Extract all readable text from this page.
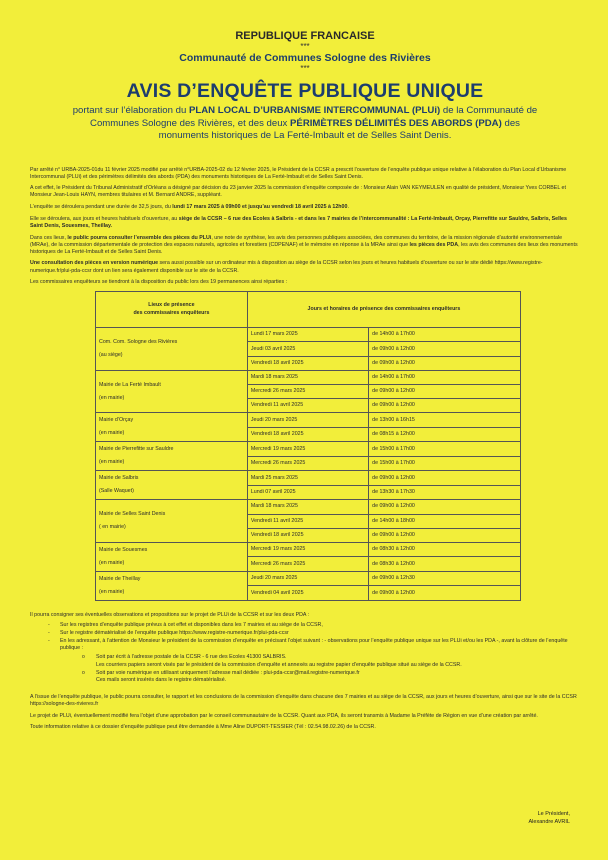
REPUBLIQUE FRANCAISE
***
Communauté de Communes Sologne des Rivières
***
AVIS D’ENQUÊTE PUBLIQUE UNIQUE
portant sur l’élaboration du PLAN LOCAL D’URBANISME INTERCOMMUNAL (PLUi) de la Communauté de Communes Sologne des Rivières, et des deux PÉRIMÈTRES DÉLIMITÉS DES ABORDS (PDA) des monuments historiques de La Ferté-Imbault et de Selles Saint Denis.

Par arrêté n° URBA-2025-01du 11 février 2025 modifié par arrêté n°URBA-2025-02 du 12 février 2025, le Président de la CCSR a prescrit l’ouverture de l’enquête publique unique relative à l’élaboration du Plan Local d’Urbanisme Intercommunal (PLUi) et des périmètres délimités des abords (PDA) des monuments historiques de La Ferté-Imbault et de Selles Saint Denis.

A cet effet, le Président du Tribunal Administratif d’Orléans a désigné par décision du 23 janvier 2025 la commission d’enquête composée de : Monsieur Alain VAN KEYMEULEN en qualité de président, Monsieur Yves CORBEL et Monsieur Jean-Louis HAYN, membres titulaires et M. Bernard ANDRE, suppléant.

L’enquête se déroulera pendant une durée de 32,5 jours, du lundi 17 mars 2025 à 09h00 et jusqu’au vendredi 18 avril 2025 à 12h00.

Elle se déroulera, aux jours et heures habituels d’ouverture, au siège de la CCSR – 6 rue des Ecoles à Salbris - et dans les 7 mairies de l’intercommunalité : La Ferté-Imbault, Orçay, Pierrefitte sur Sauldre, Salbris, Selles Saint Denis, Souesmes, Theillay.

Dans ces lieux, le public pourra consulter l’ensemble des pièces du PLUi, une note de synthèse, les avis des personnes publiques associées, des communes du territoire, de la mission régionale d’autorité environnementale (MRAe), de la commission départementale de protection des espaces naturels, agricoles et forestiers (CDPENAF) et le mémoire en réponse à la MRAe ainsi que les pièces des PDA, les avis des communes des lieux des monuments historiques de La Ferté-Imbault et de Selles Saint Denis.

Une consultation des pièces en version numérique sera aussi possible sur un ordinateur mis à disposition au siège de la CCSR selon les jours et heures habituels d’ouverture ou sur le site dédié https://www.registre-numerique.fr/plui-pda-ccsr dont un lien sera également disponible sur le site de la CCSR.

Les commissaires enquêteurs se tiendront à la disposition du public lors des 19 permanences ainsi réparties :

Lieux de présence
des commissaires enquêteurs	Jours et horaires de présence des commissaires enquêteurs	

Com. Com. Sologne des Rivières
(au siège)	Lundi 17 mars 2025	de 14h00 à 17h00
	Jeudi 03 avril 2025	de 09h00 à 12h00
	Vendredi 18 avril 2025	de 09h00 à 12h00

Mairie de La Ferté Imbault
(en mairie)	Mardi 18 mars 2025	de 14h00 à 17h00
	Mercredi 26 mars 2025	de 09h00 à 12h00
	Vendredi 11 avril 2025	de 09h00 à 12h00

Mairie d’Orçay
(en mairie)	Jeudi 20 mars 2025	de 13h00 à 16h15
	Vendredi 18 avril 2025	de 08h15 à 12h00

Mairie de Pierrefitte sur Sauldre
(en mairie)	Mercredi 19 mars 2025	de 15h00 à 17h00
	Mercredi 26 mars 2025	de 15h00 à 17h00

Mairie de Salbris
(Salle Waquet)	Mardi 25 mars 2025	de 09h00 à 12h00
	Lundi 07 avril 2025	de 13h30 à 17h30

Mairie de Selles Saint Denis
( en mairie)	Mardi 18 mars 2025	de 09h00 à 12h00
	Vendredi 11 avril 2025	de 14h00 à 18h00
	Vendredi 18 avril 2025	de 09h00 à 12h00

Mairie de Souesmes
(en mairie)	Mercredi 19 mars 2025	de 08h30 à 12h00
	Mercredi 26 mars 2025	de 08h30 à 12h00

Mairie de Theillay
(en mairie)	Jeudi 20 mars 2025	de 09h00 à 12h30
	Vendredi 04 avril 2025	de 09h00 à 12h00

Il pourra consigner ses éventuelles observations et propositions sur le projet de PLUi de la CCSR et sur les deux PDA :

- Sur les registres d’enquête publique prévus à cet effet et disponibles dans les 7 mairies et au siège de la CCSR,
- Sur le registre dématérialisé de l’enquête publique https://www.registre-numerique.fr/plui-pda-ccsr
- En les adressant, à l’attention de Monsieur le président de la commission d’enquête en précisant l’objet suivant : - observations pour l’enquête publique unique sur les PLUi et/ou les PDA -, avant la clôture de l’enquête publique :
o Soit par écrit à l’adresse postale de la CCSR - 6 rue des Ecoles 41300 SALBRIS.
Les courriers papiers seront visés par le président de la commission d’enquête et annexés au registre papier d’enquête publique situé au siège de la CCSR.
o Soit par voie numérique en utilisant uniquement l’adresse mail dédiée : plui-pda-ccsr@mail.registre-numerique.fr
Ces mails seront insérés dans le registre dématérialisé.

A l’issue de l’enquête publique, le public pourra consulter, le rapport et les conclusions de la commission d’enquête dans chacune des 7 mairies et au siège de la CCSR, aux jours et heures d’ouverture, ainsi que sur le site de la CCSR https://sologne-des-rivieres.fr

Le projet de PLUi, éventuellement modifié fera l’objet d’une approbation par le conseil communautaire de la CCSR. Quant aux PDA, ils seront transmis à Madame la Préfète de Région en vue d’une création par arrêté.

Toute information relative à ce dossier d’enquête publique peut être demandée à Mme Aline DUPORT-TESSIER (Tél : 02.54.98.02.26) de la CCSR.

Le Président,
Alexandre AVRIL
